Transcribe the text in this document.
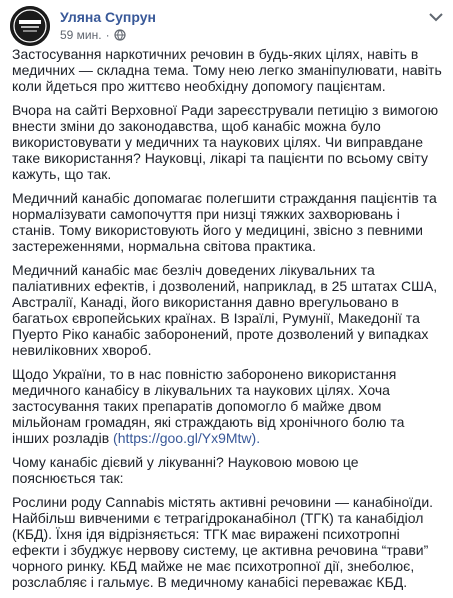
Уляна Супрун
59 мин. ·

Застосування наркотичних речовин в будь-яких цілях, навіть в медичних — складна тема. Тому нею легко зманіпулювати, навіть коли йдеться про життєво необхідну допомогу пацієнтам.

Вчора на сайті Верховної Ради зареєстрували петицію з вимогою внести зміни до законодавства, щоб канабіс можна було використовувати у медичних та наукових цілях. Чи виправдане таке використання? Науковці, лікарі та пацієнти по всьому світу кажуть, що так.

Медичний канабіс допомагає полегшити страждання пацієнтів та нормалізувати самопочуття при низці тяжких захворювань і станів. Тому використовують його у медицині, звісно з певними застереженнями, нормальна світова практика.

Медичний канабіс має безліч доведених лікувальних та паліативних ефектів, і дозволений, наприклад, в 25 штатах США, Австралії, Канаді, його використання давно врегульовано в багатьох європейських країнах. В Ізраїлі, Румунії, Македонії та Пуерто Ріко канабіс заборонений, проте дозволений у випадках невиліковних хвороб.

Щодо України, то в нас повністю заборонено використання медичного канабісу в лікувальних та наукових цілях. Хоча застосування таких препаратів допомогло б майже двом мільйонам громадян, які страждають від хронічного болю та інших розладів (https://goo.gl/Yx9Mtw).

Чому канабіс дієвий у лікуванні? Науковою мовою це пояснюється так:

Рослини роду Cannabis містять активні речовини — канабіноїди. Найбільш вивченими є тетрагідроканабінол (ТГК) та канабідіол (КБД). Їхня ідя відрізняється: ТГК має виражені психотропні ефекти і збуджує нервову систему, це активна речовина “трави” чорного ринку. КБД майже не має психотропної дії, знеболює, розслабляє і гальмує. В медичному канабісі переважає КБД.
